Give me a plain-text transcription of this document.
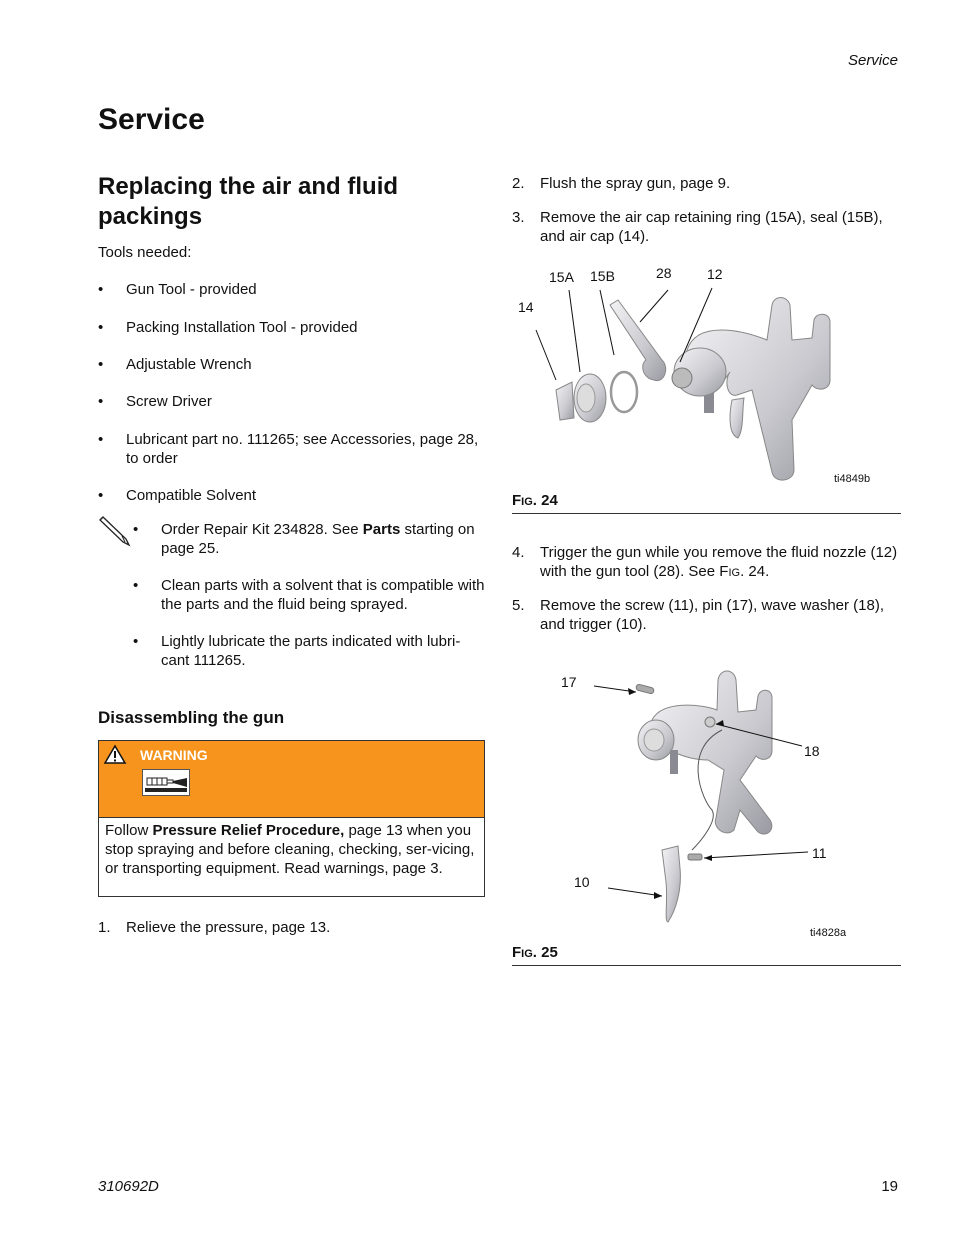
Service
Service
Replacing the air and fluid packings
Tools needed:
• Gun Tool - provided
• Packing Installation Tool - provided
• Adjustable Wrench
• Screw Driver
• Lubricant part no. 111265; see Accessories, page 28, to order
• Compatible Solvent
• Order Repair Kit 234828. See Parts starting on page 25.
• Clean parts with a solvent that is compatible with the parts and the fluid being sprayed.
• Lightly lubricate the parts indicated with lubri-cant 111265.
Disassembling the gun
WARNING
Follow Pressure Relief Procedure, page 13 when you stop spraying and before cleaning, checking, ser-vicing, or transporting equipment. Read warnings, page 3.
1. Relieve the pressure, page 13.
2. Flush the spray gun, page 9.
3. Remove the air cap retaining ring (15A), seal (15B), and air cap (14).
14
15A 15B	28	12
ti4849b
FIG. 24
4. Trigger the gun while you remove the fluid nozzle (12) with the gun tool (28). See FIG. 24.
5. Remove the screw (11), pin (17), wave washer (18), and trigger (10).
17
18
11
10
ti4828a
FIG. 25
310692D	19
